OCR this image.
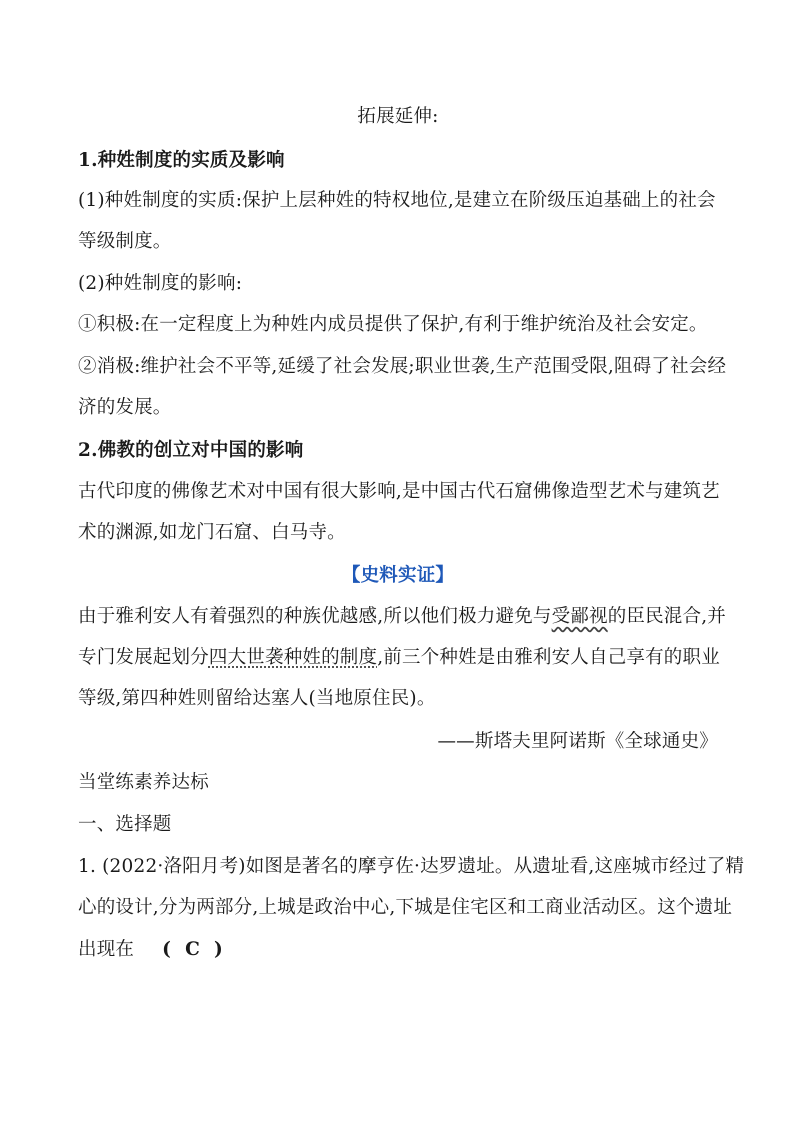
拓展延伸:
1.种姓制度的实质及影响
(1)种姓制度的实质:保护上层种姓的特权地位,是建立在阶级压迫基础上的社会
等级制度。
(2)种姓制度的影响:
①积极:在一定程度上为种姓内成员提供了保护,有利于维护统治及社会安定。
②消极:维护社会不平等,延缓了社会发展;职业世袭,生产范围受限,阻碍了社会经
济的发展。
2.佛教的创立对中国的影响
古代印度的佛像艺术对中国有很大影响,是中国古代石窟佛像造型艺术与建筑艺
术的渊源,如龙门石窟、白马寺。
【史料实证】
由于雅利安人有着强烈的种族优越感,所以他们极力避免与受鄙视的臣民混合,并
专门发展起划分四大世袭种姓的制度,前三个种姓是由雅利安人自己享有的职业
等级,第四种姓则留给达塞人(当地原住民)。
——斯塔夫里阿诺斯《全球通史》
当堂练素养达标
一、选择题
1. (2022·洛阳月考)如图是著名的摩亨佐·达罗遗址。从遗址看,这座城市经过了精
心的设计,分为两部分,上城是政治中心,下城是住宅区和工商业活动区。这个遗址
出现在 ( C )
